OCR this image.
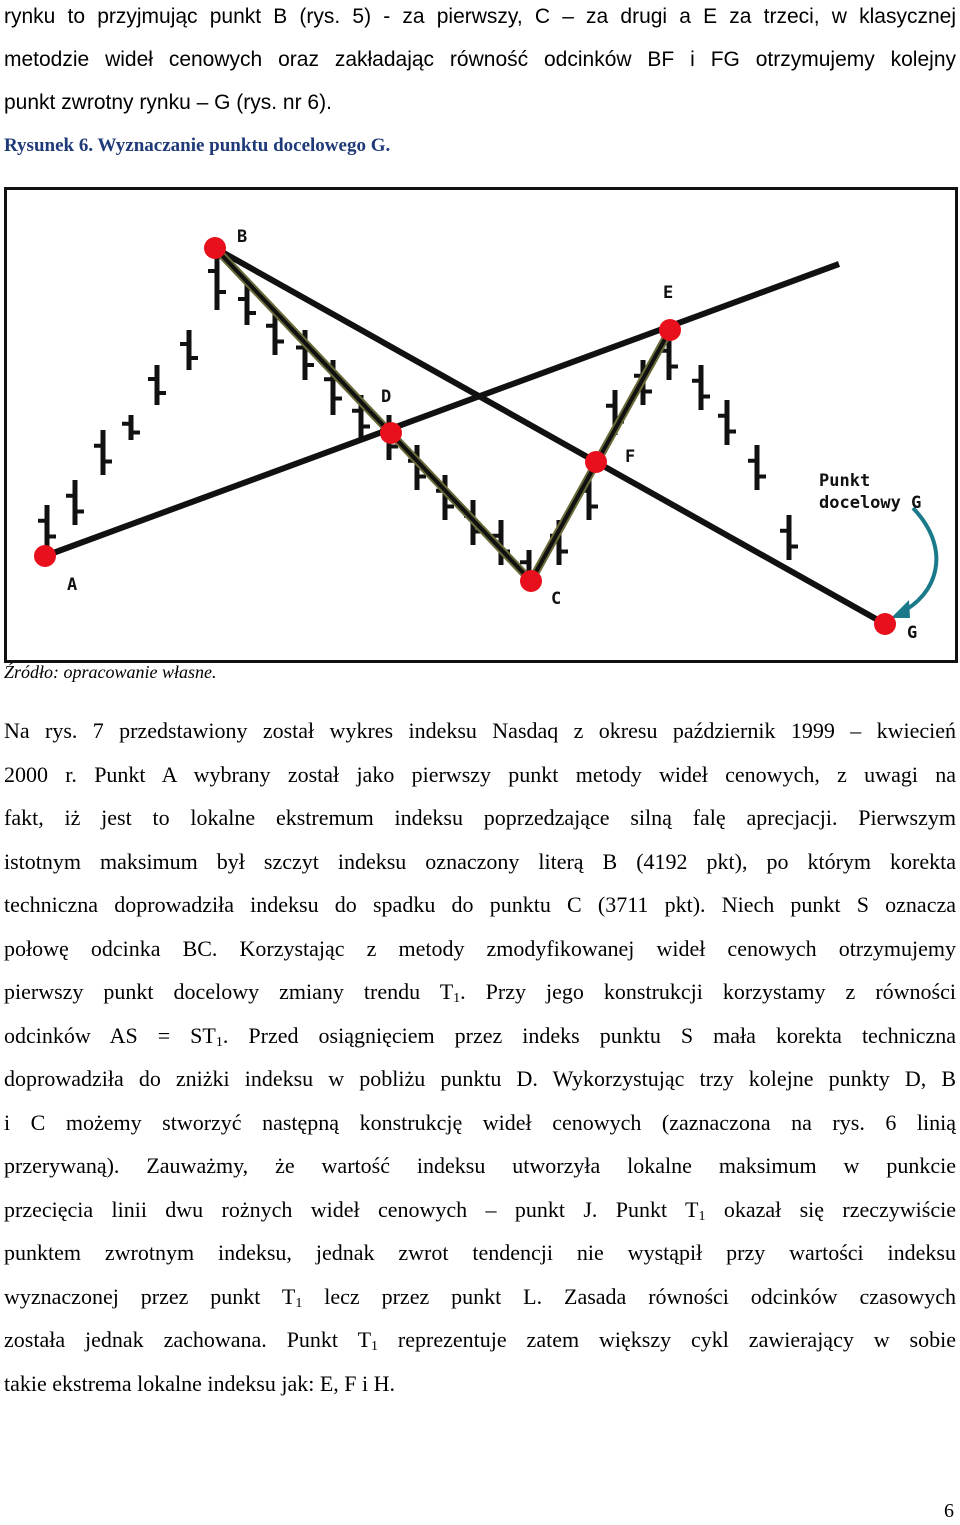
rynku to przyjmując punkt B (rys. 5) - za pierwszy, C – za drugi a E za trzeci, w klasycznej

metodzie wideł cenowych oraz zakładając równość odcinków BF i FG otrzymujemy kolejny

punkt zwrotny rynku – G (rys. nr 6).

Rysunek 6. Wyznaczanie punktu docelowego G.
A
B
C
D
E
F
G
Punkt
docelowy G
Źródło: opracowanie własne.
Na rys. 7 przedstawiony został wykres indeksu Nasdaq z okresu październik 1999 – kwiecień
2000 r. Punkt A wybrany został jako pierwszy punkt metody wideł cenowych, z uwagi na
fakt, iż jest to lokalne ekstremum indeksu poprzedzające silną falę aprecjacji. Pierwszym
istotnym maksimum był szczyt indeksu oznaczony literą B (4192 pkt), po którym korekta
techniczna doprowadziła indeksu do spadku do punktu C (3711 pkt). Niech punkt S oznacza
połowę odcinka BC. Korzystając z metody zmodyfikowanej wideł cenowych otrzymujemy
pierwszy punkt docelowy zmiany trendu $T_1$. Przy jego konstrukcji korzystamy z równości
odcinków AS = $ST_1$. Przed osiągnięciem przez indeks punktu S mała korekta techniczna
doprowadziła do zniżki indeksu w pobliżu punktu D. Wykorzystując trzy kolejne punkty D, B
i C możemy stworzyć następną konstrukcję wideł cenowych (zaznaczona na rys. 6 linią
przerywaną). Zauważmy, że wartość indeksu utworzyła lokalne maksimum w punkcie
przecięcia linii dwu rożnych wideł cenowych – punkt J. Punkt $T_1$ okazał się rzeczywiście
punktem zwrotnym indeksu, jednak zwrot tendencji nie wystąpił przy wartości indeksu
wyznaczonej przez punkt $T_1$ lecz przez punkt L. Zasada równości odcinków czasowych
została jednak zachowana. Punkt $T_1$ reprezentuje zatem większy cykl zawierający w sobie
takie ekstrema lokalne indeksu jak: E, F i H.
6
